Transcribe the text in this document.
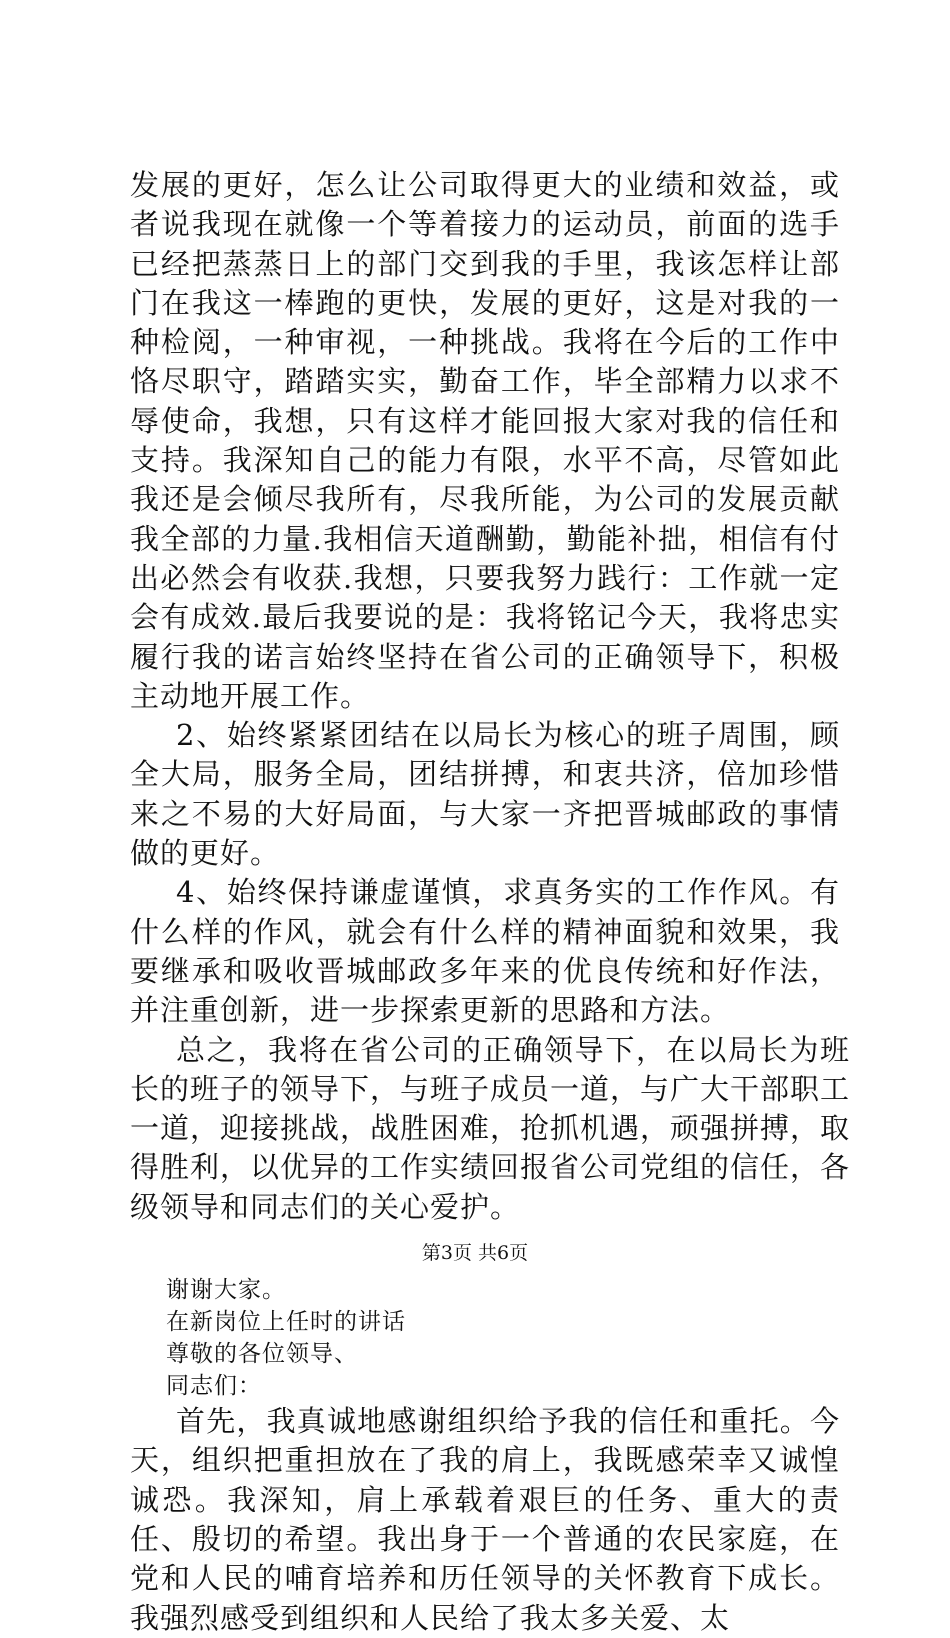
发展的更好，怎么让公司取得更大的业绩和效益，或者说我现在就像一个等着接力的运动员，前面的选手已经把蒸蒸日上的部门交到我的手里，我该怎样让部门在我这一棒跑的更快，发展的更好，这是对我的一种检阅，一种审视，一种挑战。我将在今后的工作中恪尽职守，踏踏实实，勤奋工作，毕全部精力以求不辱使命，我想，只有这样才能回报大家对我的信任和支持。我深知自己的能力有限，水平不高，尽管如此我还是会倾尽我所有，尽我所能，为公司的发展贡献我全部的力量.我相信天道酬勤，勤能补拙，相信有付出必然会有收获.我想，只要我努力践行：工作就一定会有成效.最后我要说的是：我将铭记今天，我将忠实履行我的诺言始终坚持在省公司的正确领导下，积极主动地开展工作。

2、始终紧紧团结在以局长为核心的班子周围，顾全大局，服务全局，团结拼搏，和衷共济，倍加珍惜来之不易的大好局面，与大家一齐把晋城邮政的事情做的更好。

4、始终保持谦虚谨慎，求真务实的工作作风。有什么样的作风，就会有什么样的精神面貌和效果，我要继承和吸收晋城邮政多年来的优良传统和好作法，并注重创新，进一步探索更新的思路和方法。

总之，我将在省公司的正确领导下，在以局长为班长的班子的领导下，与班子成员一道，与广大干部职工一道，迎接挑战，战胜困难，抢抓机遇，顽强拼搏，取得胜利，以优异的工作实绩回报省公司党组的信任，各级领导和同志们的关心爱护。

谢谢大家。

在新岗位上任时的讲话

尊敬的各位领导、

同志们：

首先，我真诚地感谢组织给予我的信任和重托。今天，组织把重担放在了我的肩上，我既感荣幸又诚惶诚恐。我深知，肩上承载着艰巨的任务、重大的责任、殷切的希望。我出身于一个普通的农民家庭，在党和人民的哺育培养和历任领导的关怀教育下成长。我强烈感受到组织和人民给了我太多关爱、太

第3页 共6页
